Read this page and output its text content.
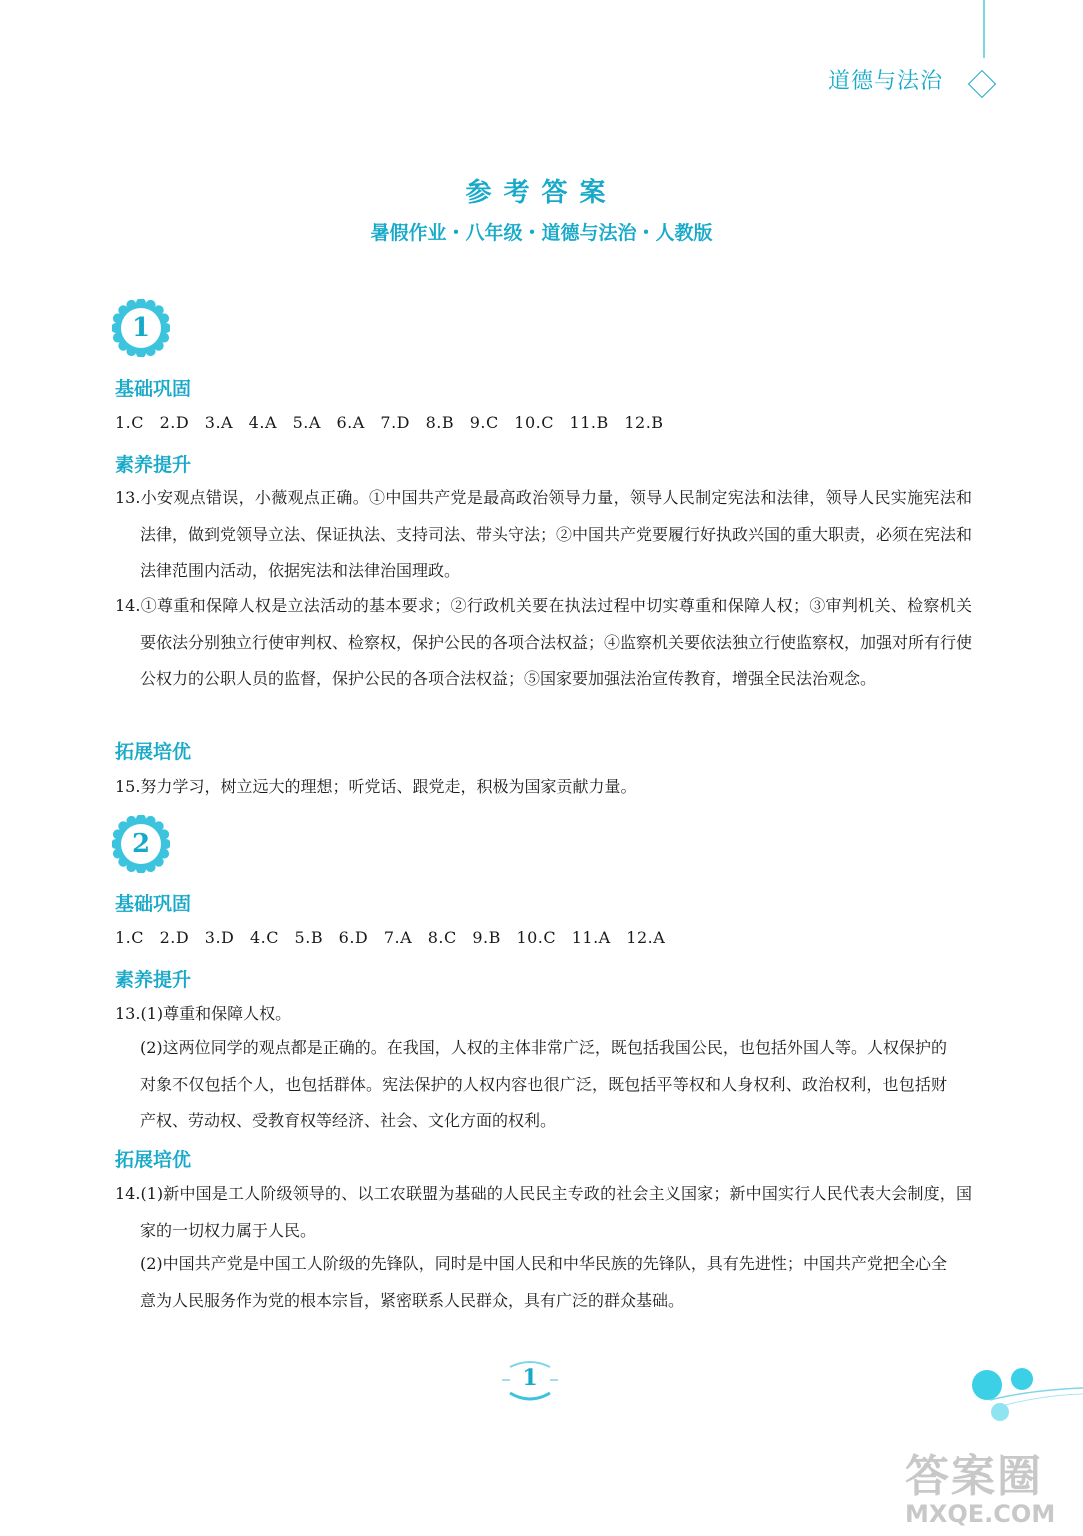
道德与法治
参考答案
暑假作业・八年级・道德与法治・人教版
1
基础巩固
1.C 2.D 3.A 4.A 5.A 6.A 7.D 8.B 9.C 10.C 11.B 12.B
素养提升
13.小安观点错误，小薇观点正确。①中国共产党是最高政治领导力量，领导人民制定宪法和法律，领导人民实施宪法和法律，做到党领导立法、保证执法、支持司法、带头守法；②中国共产党要履行好执政兴国的重大职责，必须在宪法和法律范围内活动，依据宪法和法律治国理政。
14.①尊重和保障人权是立法活动的基本要求；②行政机关要在执法过程中切实尊重和保障人权；③审判机关、检察机关要依法分别独立行使审判权、检察权，保护公民的各项合法权益；④监察机关要依法独立行使监察权，加强对所有行使公权力的公职人员的监督，保护公民的各项合法权益；⑤国家要加强法治宣传教育，增强全民法治观念。
拓展培优
15.努力学习，树立远大的理想；听党话、跟党走，积极为国家贡献力量。
2
基础巩固
1.C 2.D 3.D 4.C 5.B 6.D 7.A 8.C 9.B 10.C 11.A 12.A
素养提升
13.(1)尊重和保障人权。
(2)这两位同学的观点都是正确的。在我国，人权的主体非常广泛，既包括我国公民，也包括外国人等。人权保护的对象不仅包括个人，也包括群体。宪法保护的人权内容也很广泛，既包括平等权和人身权利、政治权利，也包括财产权、劳动权、受教育权等经济、社会、文化方面的权利。
拓展培优
14.(1)新中国是工人阶级领导的、以工农联盟为基础的人民民主专政的社会主义国家；新中国实行人民代表大会制度，国家的一切权力属于人民。
(2)中国共产党是中国工人阶级的先锋队，同时是中国人民和中华民族的先锋队，具有先进性；中国共产党把全心全意为人民服务作为党的根本宗旨，紧密联系人民群众，具有广泛的群众基础。
1
答案圈
MXQE.COM
